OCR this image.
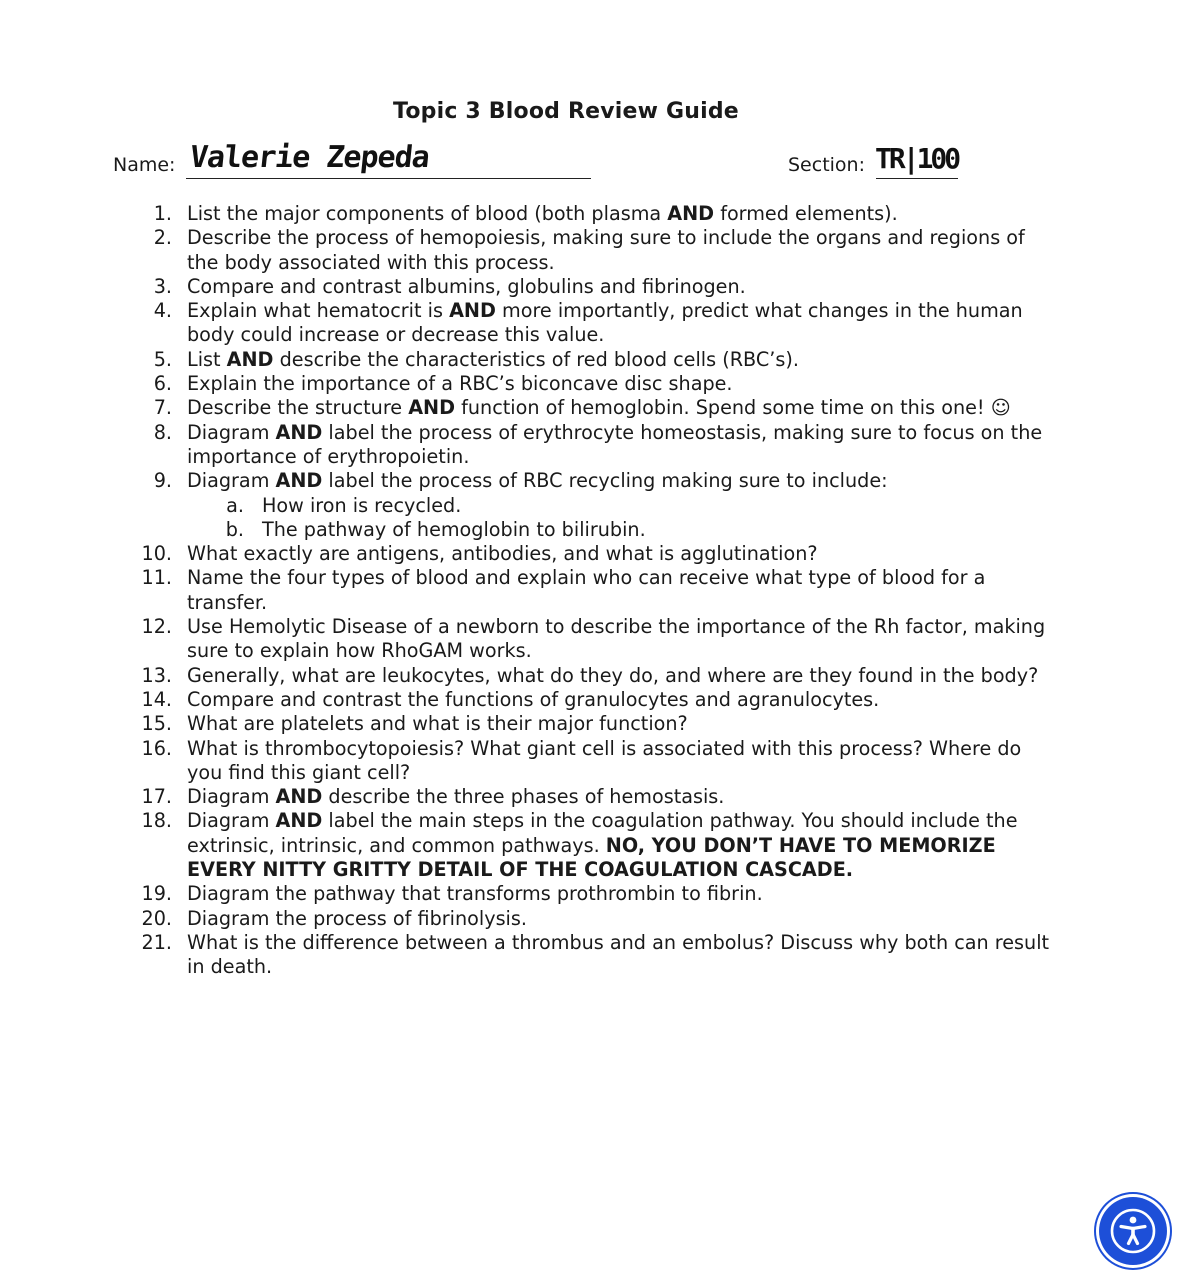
Topic 3 Blood Review Guide
Name: Valerie Zepeda	Section: TR|100
1. List the major components of blood (both plasma AND formed elements).
2. Describe the process of hemopoiesis, making sure to include the organs and regions of the body associated with this process.
3. Compare and contrast albumins, globulins and fibrinogen.
4. Explain what hematocrit is AND more importantly, predict what changes in the human body could increase or decrease this value.
5. List AND describe the characteristics of red blood cells (RBC’s).
6. Explain the importance of a RBC’s biconcave disc shape.
7. Describe the structure AND function of hemoglobin. Spend some time on this one! ☺
8. Diagram AND label the process of erythrocyte homeostasis, making sure to focus on the importance of erythropoietin.
9. Diagram AND label the process of RBC recycling making sure to include:
a. How iron is recycled.
b. The pathway of hemoglobin to bilirubin.
10. What exactly are antigens, antibodies, and what is agglutination?
11. Name the four types of blood and explain who can receive what type of blood for a transfer.
12. Use Hemolytic Disease of a newborn to describe the importance of the Rh factor, making sure to explain how RhoGAM works.
13. Generally, what are leukocytes, what do they do, and where are they found in the body?
14. Compare and contrast the functions of granulocytes and agranulocytes.
15. What are platelets and what is their major function?
16. What is thrombocytopoiesis? What giant cell is associated with this process? Where do you find this giant cell?
17. Diagram AND describe the three phases of hemostasis.
18. Diagram AND label the main steps in the coagulation pathway. You should include the extrinsic, intrinsic, and common pathways. NO, YOU DON’T HAVE TO MEMORIZE EVERY NITTY GRITTY DETAIL OF THE COAGULATION CASCADE.
19. Diagram the pathway that transforms prothrombin to fibrin.
20. Diagram the process of fibrinolysis.
21. What is the difference between a thrombus and an embolus? Discuss why both can result in death.
